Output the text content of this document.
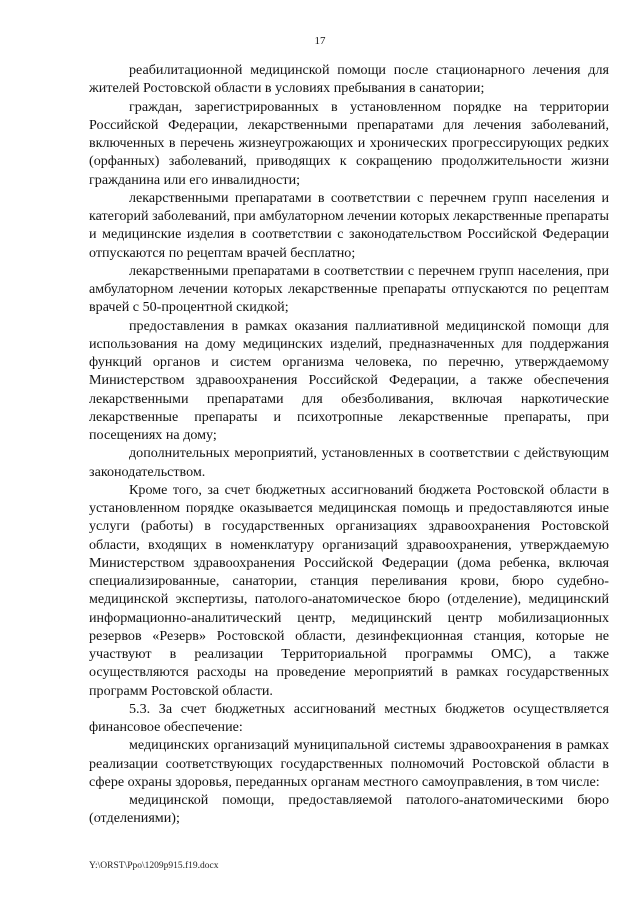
17

реабилитационной медицинской помощи после стационарного лечения для жителей Ростовской области в условиях пребывания в санатории;

граждан, зарегистрированных в установленном порядке на территории Российской Федерации, лекарственными препаратами для лечения заболеваний, включенных в перечень жизнеугрожающих и хронических прогрессирующих редких (орфанных) заболеваний, приводящих к сокращению продолжительности жизни гражданина или его инвалидности;

лекарственными препаратами в соответствии с перечнем групп населения и категорий заболеваний, при амбулаторном лечении которых лекарственные препараты и медицинские изделия в соответствии с законодательством Российской Федерации отпускаются по рецептам врачей бесплатно;

лекарственными препаратами в соответствии с перечнем групп населения, при амбулаторном лечении которых лекарственные препараты отпускаются по рецептам врачей с 50-процентной скидкой;

предоставления в рамках оказания паллиативной медицинской помощи для использования на дому медицинских изделий, предназначенных для поддержания функций органов и систем организма человека, по перечню, утверждаемому Министерством здравоохранения Российской Федерации, а также обеспечения лекарственными препаратами для обезболивания, включая наркотические лекарственные препараты и психотропные лекарственные препараты, при посещениях на дому;

дополнительных мероприятий, установленных в соответствии с действующим законодательством.

Кроме того, за счет бюджетных ассигнований бюджета Ростовской области в установленном порядке оказывается медицинская помощь и предоставляются иные услуги (работы) в государственных организациях здравоохранения Ростовской области, входящих в номенклатуру организаций здравоохранения, утверждаемую Министерством здравоохранения Российской Федерации (дома ребенка, включая специализированные, санатории, станция переливания крови, бюро судебно-медицинской экспертизы, патолого-анатомическое бюро (отделение), медицинский информационно-аналитический центр, медицинский центр мобилизационных резервов «Резерв» Ростовской области, дезинфекционная станция, которые не участвуют в реализации Территориальной программы ОМС), а также осуществляются расходы на проведение мероприятий в рамках государственных программ Ростовской области.

5.3. За счет бюджетных ассигнований местных бюджетов осуществляется финансовое обеспечение:

медицинских организаций муниципальной системы здравоохранения в рамках реализации соответствующих государственных полномочий Ростовской области в сфере охраны здоровья, переданных органам местного самоуправления, в том числе:

медицинской помощи, предоставляемой патолого-анатомическими бюро (отделениями);

Y:\ORST\Ppo\1209p915.f19.docx
